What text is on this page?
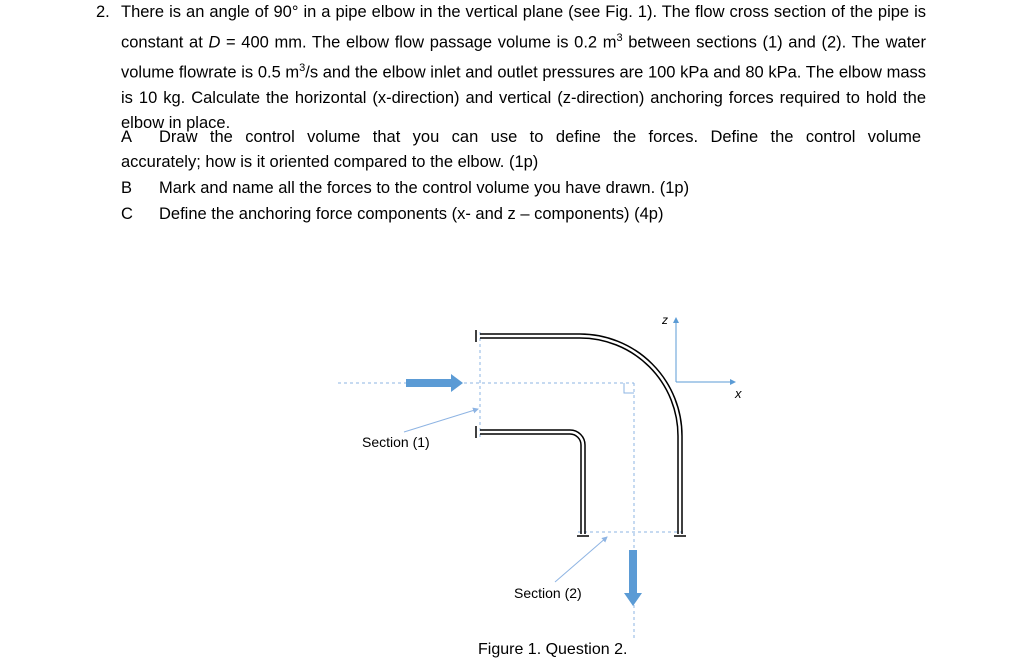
2. There is an angle of 90° in a pipe elbow in the vertical plane (see Fig. 1). The flow cross section of the pipe is constant at D = 400 mm. The elbow flow passage volume is 0.2 $m^3$ between sections (1) and (2). The water volume flowrate is 0.5 $m^3/s$ and the elbow inlet and outlet pressures are 100 kPa and 80 kPa. The elbow mass is 10 kg. Calculate the horizontal (x-direction) and vertical (z-direction) anchoring forces required to hold the elbow in place.
A Draw the control volume that you can use to define the forces. Define the control volume
accurately; how is it oriented compared to the elbow. (1p)
B Mark and name all the forces to the control volume you have drawn. (1p)
C Define the anchoring force components (x- and z – components) (4p)
Section (1)
Section (2)
z
x
Figure 1. Question 2.
